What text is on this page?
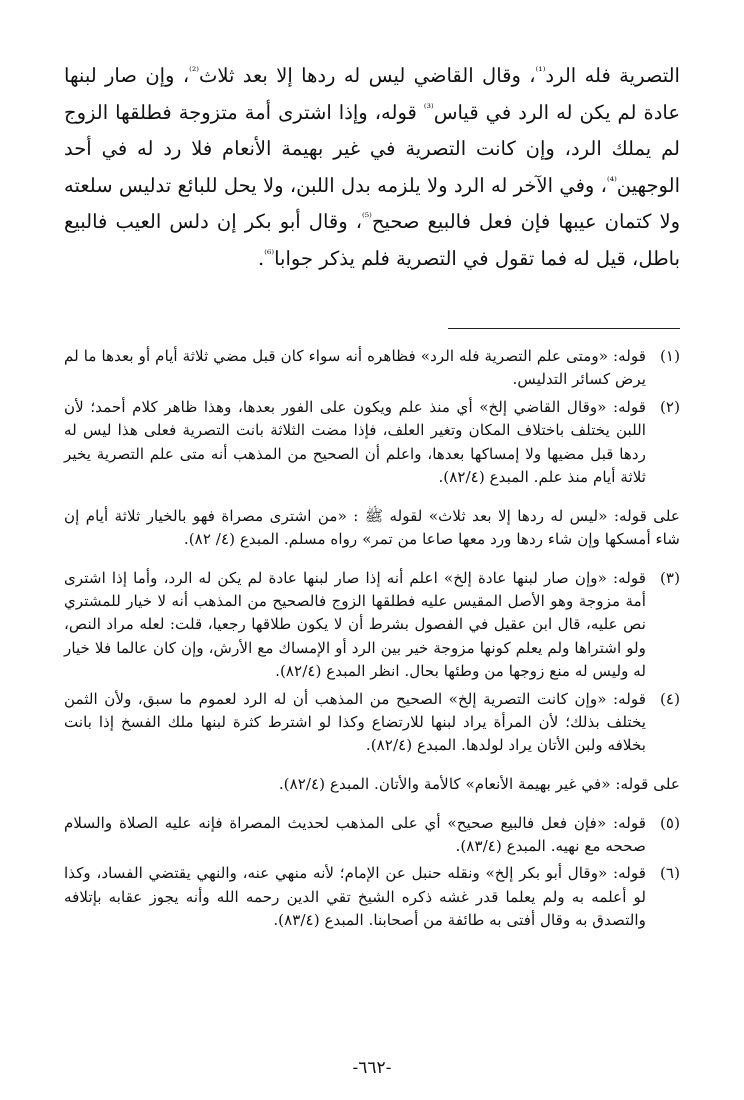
التصرية فله الرد$^{^{(1)}}$، وقال القاضي ليس له ردها إلا بعد ثلاث$^{^{(2)}}$، وإن صار لبنها عادة لم يكن له الرد في قياس$^{^{(3)}}$ قوله، وإذا اشترى أمة متزوجة فطلقها الزوج لم يملك الرد، وإن كانت التصرية في غير بهيمة الأنعام فلا رد له في أحد الوجهين$^{^{(4)}}$، وفي الآخر له الرد ولا يلزمه بدل اللبن، ولا يحل للبائع تدليس سلعته ولا كتمان عيبها فإن فعل فالبيع صحيح$^{^{(5)}}$، وقال أبو بكر إن دلس العيب فالبيع باطل، قيل له فما تقول في التصرية فلم يذكر جوابا$^{^{(6)}}$.

(١)

قوله: «ومتى علم التصرية فله الرد» فظاهره أنه سواء كان قبل مضي ثلاثة أيام أو بعدها ما لم يرض كسائر التدليس.

(٢)

قوله: «وقال القاضي إلخ» أي منذ علم ويكون على الفور بعدها، وهذا ظاهر كلام أحمد؛ لأن اللبن يختلف باختلاف المكان وتغير العلف، فإذا مضت الثلاثة بانت التصرية فعلى هذا ليس له ردها قبل مضيها ولا إمساكها بعدها، واعلم أن الصحيح من المذهب أنه متى علم التصرية يخير ثلاثة أيام منذ علم. المبدع (٨٢/٤).

على قوله: «ليس له ردها إلا بعد ثلاث» لقوله ﷺ : «من اشترى مصراة فهو بالخيار ثلاثة أيام إن شاء أمسكها وإن شاء ردها ورد معها صاعا من تمر» رواه مسلم. المبدع (٤/ ٨٢).

(٣)

قوله: «وإن صار لبنها عادة إلخ» اعلم أنه إذا صار لبنها عادة لم يكن له الرد، وأما إذا اشترى أمة مزوجة وهو الأصل المقيس عليه فطلقها الزوج فالصحيح من المذهب أنه لا خيار للمشتري نص عليه، قال ابن عقيل في الفصول بشرط أن لا يكون طلاقها رجعيا، قلت: لعله مراد النص، ولو اشتراها ولم يعلم كونها مزوجة خير بين الرد أو الإمساك مع الأرش، وإن كان عالما فلا خيار له وليس له منع زوجها من وطئها بحال. انظر المبدع (٨٢/٤).

(٤)

قوله: «وإن كانت التصرية إلخ» الصحيح من المذهب أن له الرد لعموم ما سبق، ولأن الثمن يختلف بذلك؛ لأن المرأة يراد لبنها للارتضاع وكذا لو اشترط كثرة لبنها ملك الفسخ إذا بانت بخلافه ولبن الأتان يراد لولدها. المبدع (٨٢/٤).

على قوله: «في غير بهيمة الأنعام» كالأمة والأتان. المبدع (٨٢/٤).

(٥)

قوله: «فإن فعل فالبيع صحيح» أي على المذهب لحديث المصراة فإنه عليه الصلاة والسلام صححه مع نهيه. المبدع (٨٣/٤).

(٦)

قوله: «وقال أبو بكر إلخ» ونقله حنبل عن الإمام؛ لأنه منهي عنه، والنهي يقتضي الفساد، وكذا لو أعلمه به ولم يعلما قدر غشه ذكره الشيخ تقي الدين رحمه الله وأنه يجوز عقابه بإتلافه والتصدق به وقال أفتى به طائفة من أصحابنا. المبدع (٨٣/٤).

-٦٦٢-
